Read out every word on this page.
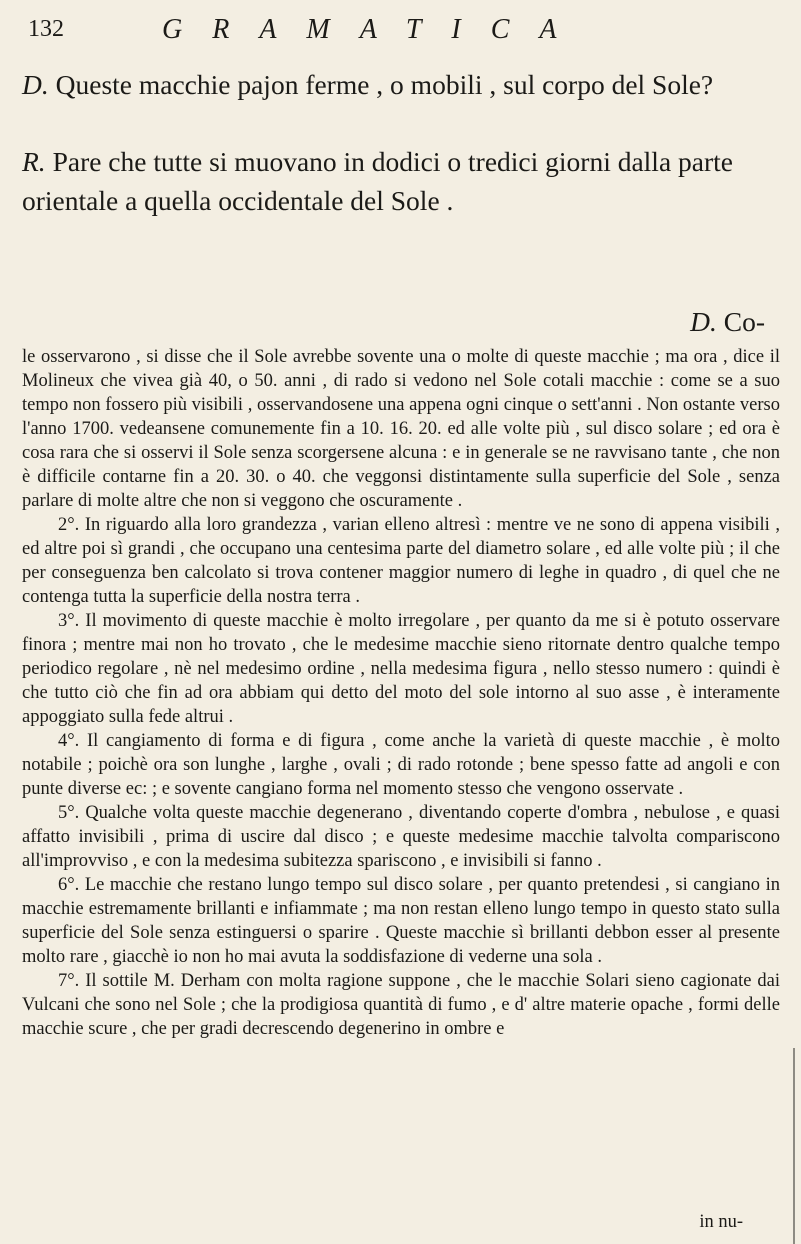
132	GRAMATICA

D. Queste macchie pajon ferme , o mobili , sul corpo del Sole?

R. Pare che tutte si muovano in dodici o tredici giorni dalla parte orientale a quella occidentale del Sole .

D. Co-

le osservarono , si disse che il Sole avrebbe sovente una o molte di queste macchie ; ma ora , dice il Molineux che vivea già 40, o 50. anni , di rado si vedono nel Sole cotali macchie : come se a suo tempo non fossero più visibili , osservandosene una appena ogni cinque o sett'anni . Non ostante verso l'anno 1700. vedeansene comunemente fin a 10. 16. 20. ed alle volte più , sul disco solare ; ed ora è cosa rara che si osservi il Sole senza scorgersene alcuna : e in generale se ne ravvisano tante , che non è difficile contarne fin a 20. 30. o 40. che veggonsi distintamente sulla superficie del Sole , senza parlare di molte altre che non si veggono che oscuramente .

2°. In riguardo alla loro grandezza , varian elleno altresì : mentre ve ne sono di appena visibili , ed altre poi sì grandi , che occupano una centesima parte del diametro solare , ed alle volte più ; il che per conseguenza ben calcolato si trova contener maggior numero di leghe in quadro , di quel che ne contenga tutta la superficie della nostra terra .

3°. Il movimento di queste macchie è molto irregolare , per quanto da me si è potuto osservare finora ; mentre mai non ho trovato , che le medesime macchie sieno ritornate dentro qualche tempo periodico regolare , nè nel medesimo ordine , nella medesima figura , nello stesso numero : quindi è che tutto ciò che fin ad ora abbiam qui detto del moto del sole intorno al suo asse , è interamente appoggiato sulla fede altrui .

4°. Il cangiamento di forma e di figura , come anche la varietà di queste macchie , è molto notabile ; poichè ora son lunghe , larghe , ovali ; di rado rotonde ; bene spesso fatte ad angoli e con punte diverse ec: ; e sovente cangiano forma nel momento stesso che vengono osservate .

5°. Qualche volta queste macchie degenerano , diventando coperte d'ombra , nebulose , e quasi affatto invisibili , prima di uscire dal disco ; e queste medesime macchie talvolta compariscono all'improvviso , e con la medesima subitezza spariscono , e invisibili si fanno .

6°. Le macchie che restano lungo tempo sul disco solare , per quanto pretendesi , si cangiano in macchie estremamente brillanti e infiammate ; ma non restan elleno lungo tempo in questo stato sulla superficie del Sole senza estinguersi o sparire . Queste macchie sì brillanti debbon esser al presente molto rare , giacchè io non ho mai avuta la soddisfazione di vederne una sola .

7°. Il sottile M. Derham con molta ragione suppone , che le macchie Solari sieno cagionate dai Vulcani che sono nel Sole ; che la prodigiosa quantità di fumo , e d' altre materie opache , formi delle macchie scure , che per gradi decrescendo degenerino in ombre e

in nu-
